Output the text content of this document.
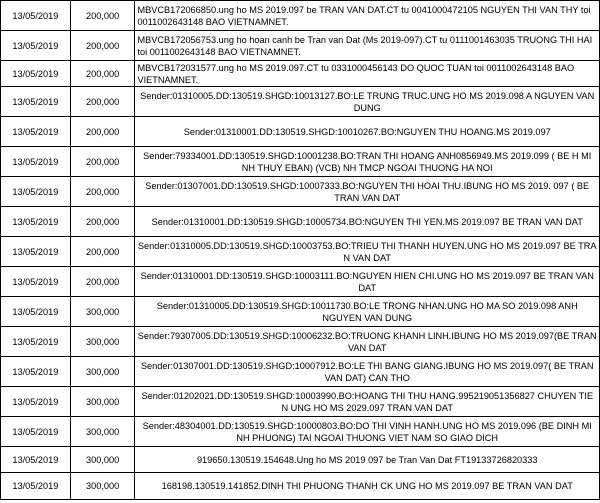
13/05/2019	200,000	MBVCB172066850.ung ho MS 2019.097 be TRAN VAN DAT.CT tu 0041000472105 NGUYEN THI VAN THY toi 0011002643148 BAO VIETNAMNET.
13/05/2019	200,000	MBVCB172056753.ung ho hoan canh be Tran van Dat (Ms 2019-097).CT tu 0111001463035 TRUONG THI HAI toi 0011002643148 BAO VIETNAMNET.
13/05/2019	200,000	MBVCB172031577.ung ho MS 2019.097.CT tu 0331000456143 DO QUOC TUAN toi 0011002643148 BAO VIETNAMNET.
13/05/2019	200,000	Sender:01310005.DD:130519.SHGD:10013127.BO:LE TRUNG TRUC.UNG HO MS 2019.098 A NGUYEN VAN DUNG
13/05/2019	200,000	Sender:01310001.DD:130519.SHGD:10010267.BO:NGUYEN THU HOANG.MS 2019.097
13/05/2019	200,000	Sender:79334001.DD:130519.SHGD:10001238.BO:TRAN THI HOANG ANH0856949.MS 2019.099 ( BE H MI NH THUY EBAN) (VCB) NH TMCP NGOAI THUONG HA NOI
13/05/2019	200,000	Sender:01307001.DD:130519.SHGD:10007333.BO:NGUYEN THI HOAI THU.IBUNG HO MS 2019. 097 ( BE TRAN VAN DAT
13/05/2019	200,000	Sender:01310001.DD:130519.SHGD:10005734.BO:NGUYEN THI YEN.MS 2019.097 BE TRAN VAN DAT
13/05/2019	200,000	Sender:01310005.DD:130519.SHGD:10003753.BO:TRIEU THI THANH HUYEN.UNG HO MS 2019.097 BE TRA N VAN DAT
13/05/2019	200,000	Sender:01310001.DD:130519.SHGD:10003111.BO:NGUYEN HIEN CHI.UNG HO MS 2019.097 BE TRAN VAN DAT
13/05/2019	300,000	Sender:01310005.DD:130519.SHGD:10011730.BO:LE TRONG NHAN.UNG HO MA SO 2019.098 ANH NGUYEN VAN DUNG
13/05/2019	300,000	Sender:79307005.DD:130519.SHGD:10006232.BO:TRUONG KHANH LINH.IBUNG HO MS 2019.097(BE TRAN VAN DAT
13/05/2019	300,000	Sender:01307001.DD:130519.SHGD:10007912.BO:LE THI BANG GIANG.IBUNG HO MS 2019.097( BE TRAN VAN DAT) CAN THO
13/05/2019	300,000	Sender:01202021.DD:130519.SHGD:10003990.BO:HOANG THI THU HANG.995219051356827 CHUYEN TIE N UNG HO MS 2029.097 TRAN VAN DAT
13/05/2019	300,000	Sender:48304001.DD:130519.SHGD:10000803.BO:DO THI VINH HANH.UNG HO MS 2019.096 (BE DINH MI NH PHUONG) TAI NGOAI THUONG VIET NAM SO GIAO DICH
13/05/2019	300,000	919650.130519.154648.Ung ho MS 2019 097 be Tran Van Dat FT19133726820333
13/05/2019	300,000	168198.130519.141852.DINH THI PHUONG THANH CK UNG HO MS 2019.097 BE TRAN VAN DAT
